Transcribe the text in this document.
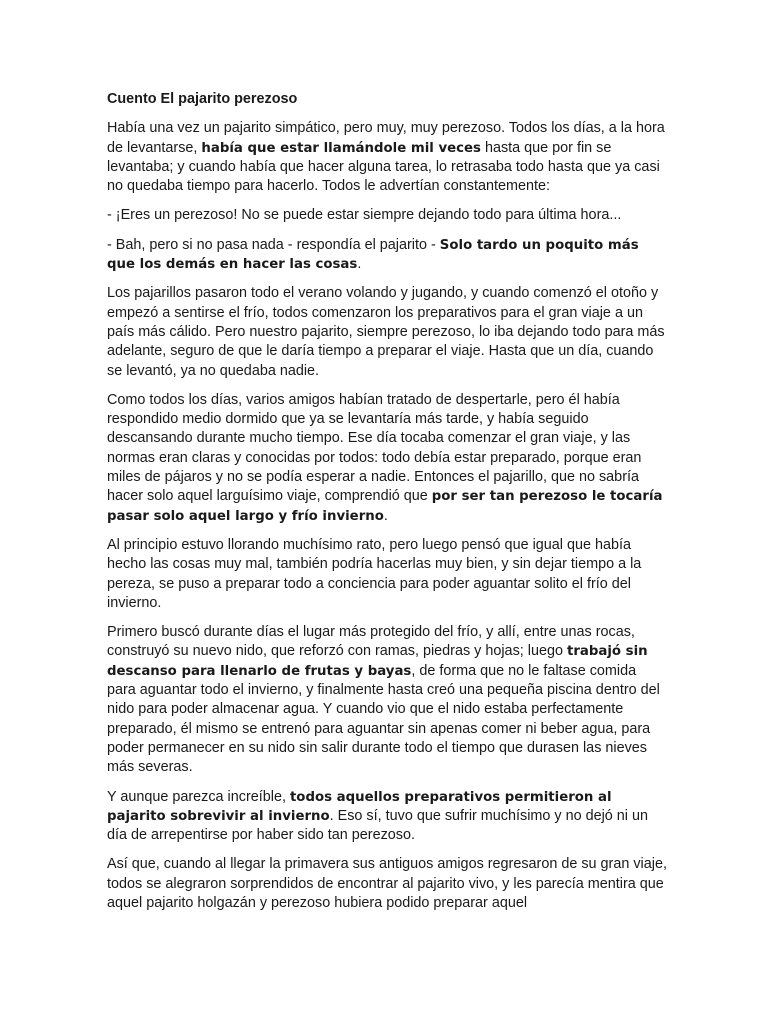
Cuento El pajarito perezoso

Había una vez un pajarito simpático, pero muy, muy perezoso. Todos los días, a la hora de levantarse, había que estar llamándole mil veces hasta que por fin se levantaba; y cuando había que hacer alguna tarea, lo retrasaba todo hasta que ya casi no quedaba tiempo para hacerlo. Todos le advertían constantemente:

- ¡Eres un perezoso! No se puede estar siempre dejando todo para última hora...

- Bah, pero si no pasa nada - respondía el pajarito - Solo tardo un poquito más que los demás en hacer las cosas.

Los pajarillos pasaron todo el verano volando y jugando, y cuando comenzó el otoño y empezó a sentirse el frío, todos comenzaron los preparativos para el gran viaje a un país más cálido. Pero nuestro pajarito, siempre perezoso, lo iba dejando todo para más adelante, seguro de que le daría tiempo a preparar el viaje. Hasta que un día, cuando se levantó, ya no quedaba nadie.

Como todos los días, varios amigos habían tratado de despertarle, pero él había respondido medio dormido que ya se levantaría más tarde, y había seguido descansando durante mucho tiempo. Ese día tocaba comenzar el gran viaje, y las normas eran claras y conocidas por todos: todo debía estar preparado, porque eran miles de pájaros y no se podía esperar a nadie. Entonces el pajarillo, que no sabría hacer solo aquel larguísimo viaje, comprendió que por ser tan perezoso le tocaría pasar solo aquel largo y frío invierno.

Al principio estuvo llorando muchísimo rato, pero luego pensó que igual que había hecho las cosas muy mal, también podría hacerlas muy bien, y sin dejar tiempo a la pereza, se puso a preparar todo a conciencia para poder aguantar solito el frío del invierno.

Primero buscó durante días el lugar más protegido del frío, y allí, entre unas rocas, construyó su nuevo nido, que reforzó con ramas, piedras y hojas; luego trabajó sin descanso para llenarlo de frutas y bayas, de forma que no le faltase comida para aguantar todo el invierno, y finalmente hasta creó una pequeña piscina dentro del nido para poder almacenar agua. Y cuando vio que el nido estaba perfectamente preparado, él mismo se entrenó para aguantar sin apenas comer ni beber agua, para poder permanecer en su nido sin salir durante todo el tiempo que durasen las nieves más severas.

Y aunque parezca increíble, todos aquellos preparativos permitieron al pajarito sobrevivir al invierno. Eso sí, tuvo que sufrir muchísimo y no dejó ni un día de arrepentirse por haber sido tan perezoso.

Así que, cuando al llegar la primavera sus antiguos amigos regresaron de su gran viaje, todos se alegraron sorprendidos de encontrar al pajarito vivo, y les parecía mentira que aquel pajarito holgazán y perezoso hubiera podido preparar aquel
